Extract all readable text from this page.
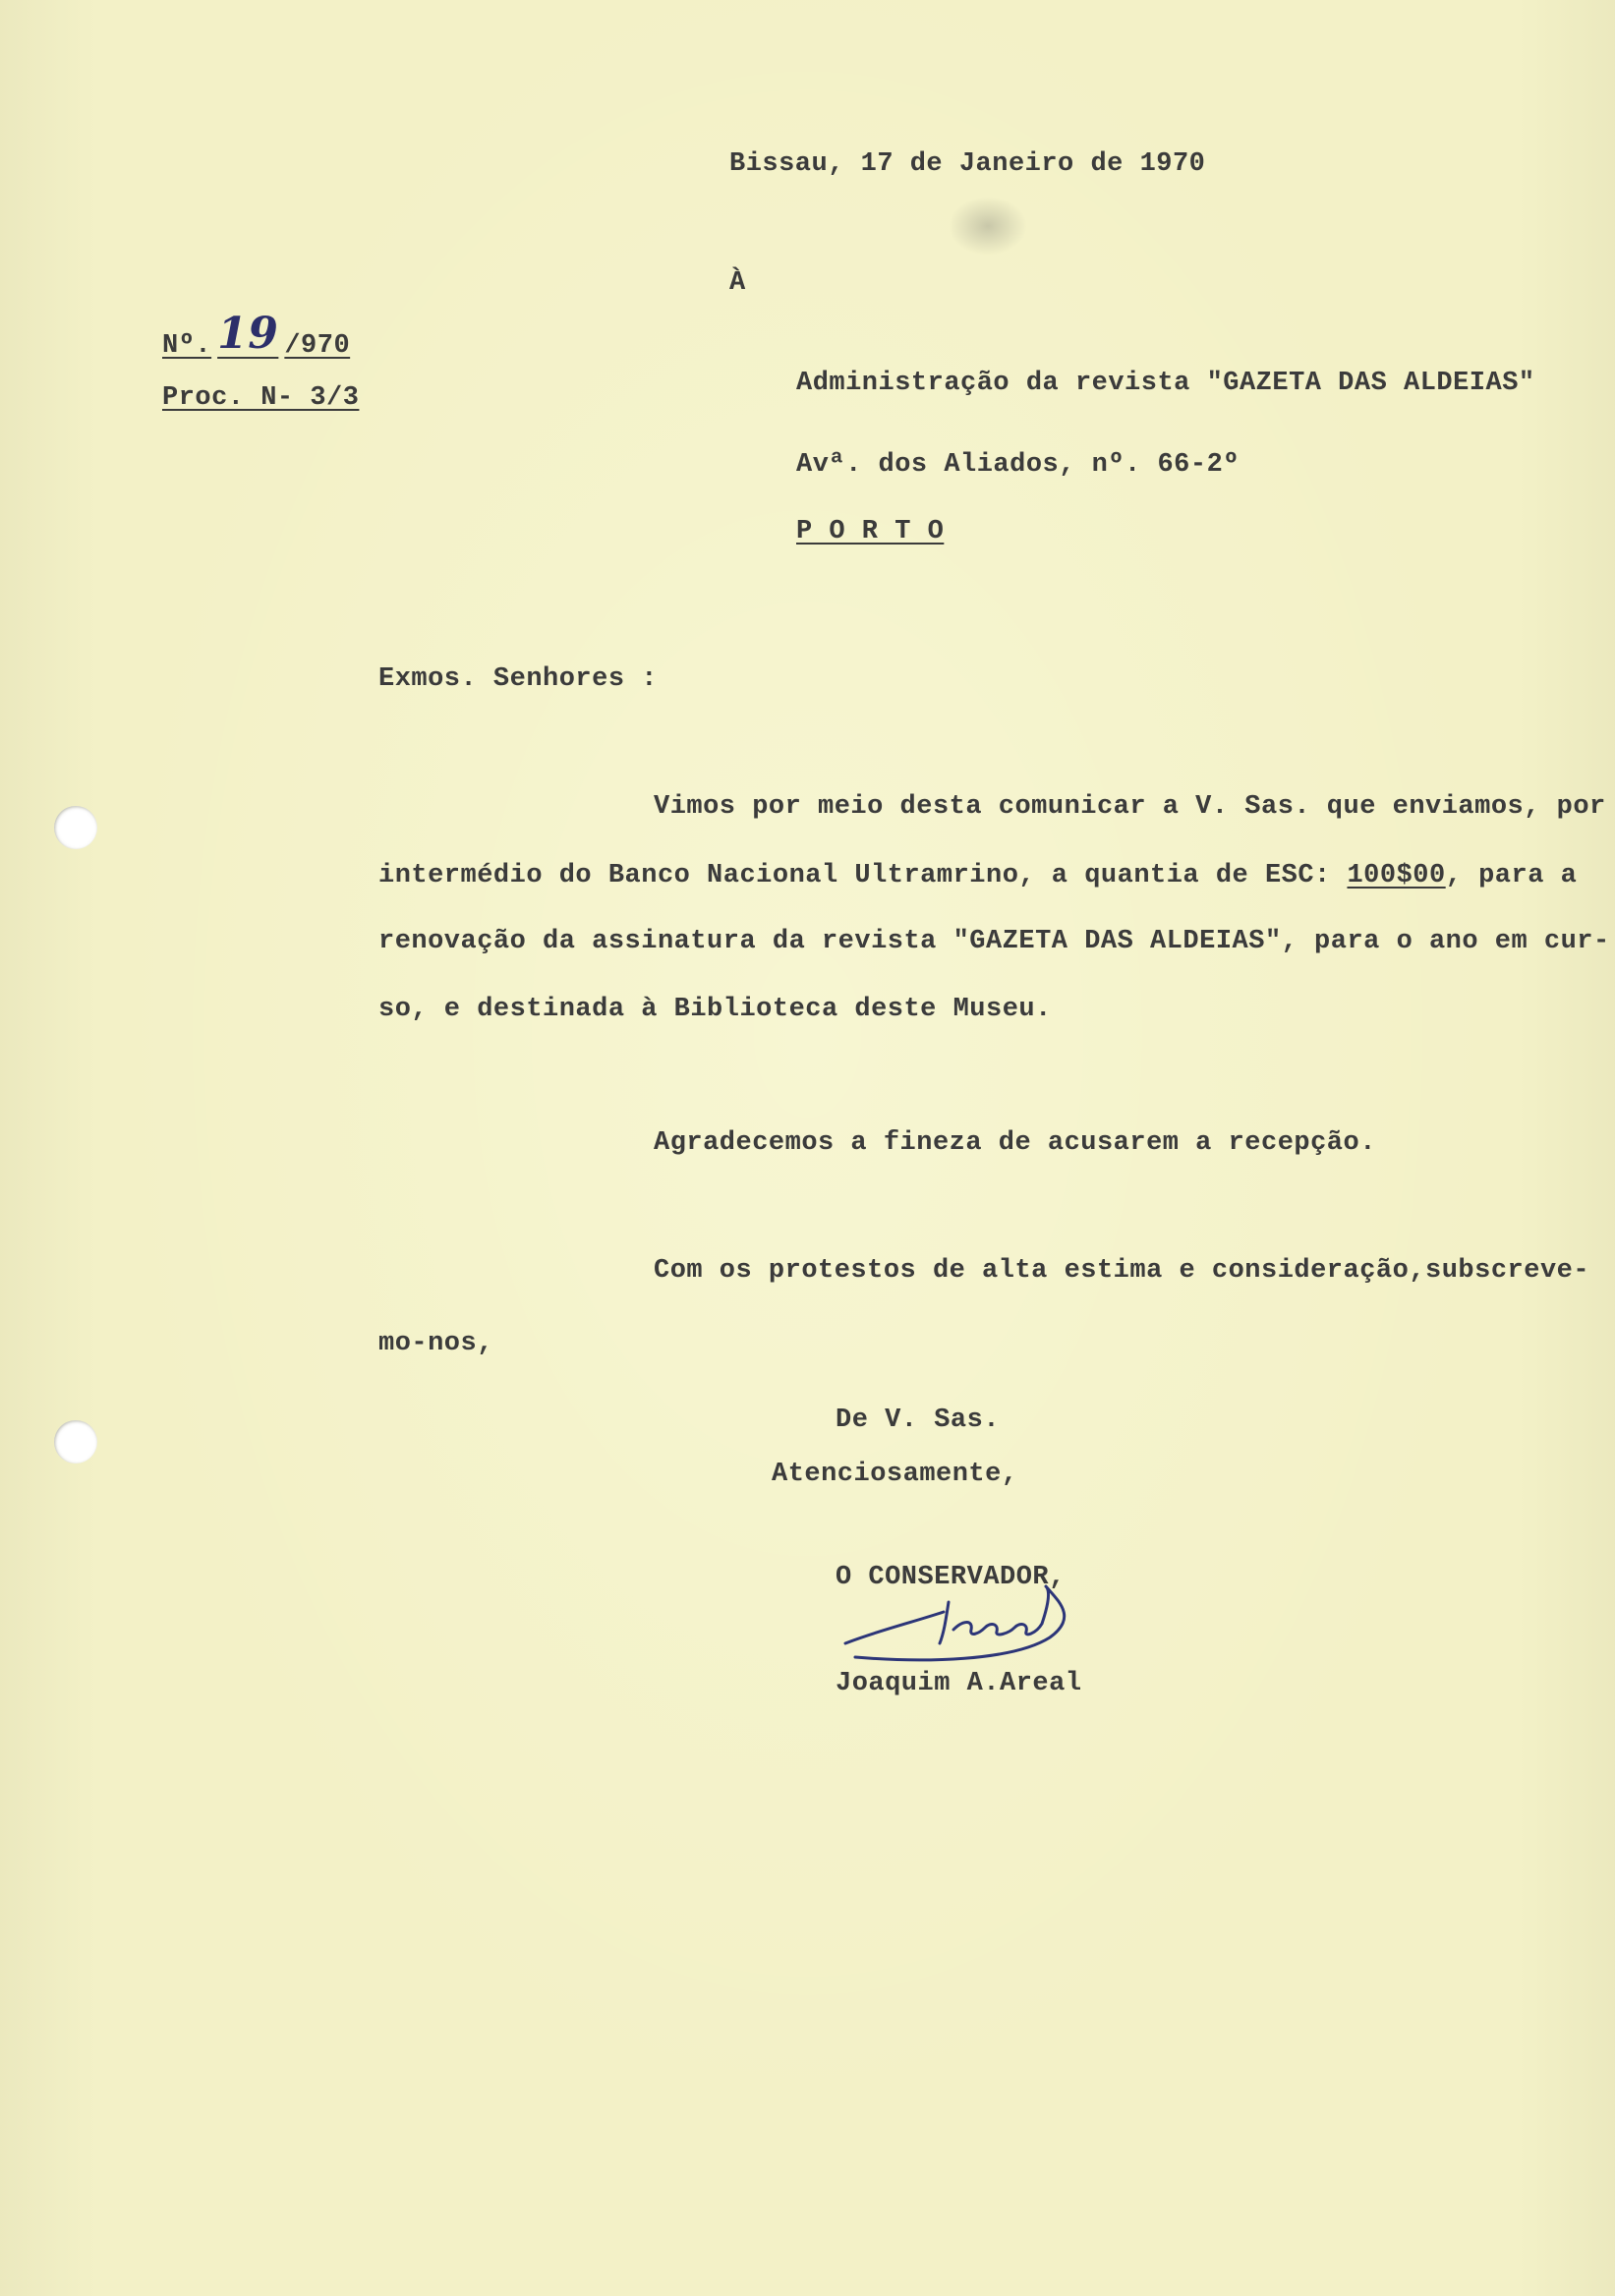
Bissau, 17 de Janeiro de 1970
À
Nº. 19 /970
Proc. N- 3/3	Administração da revista "GAZETA DAS ALDEIAS"
Avª. dos Aliados, nº. 66-2º
P O R T O
Exmos. Senhores :
Vimos por meio desta comunicar a V. Sas. que enviamos, por
intermédio do Banco Nacional Ultramrino, a quantia de ESC: 100$00, para a
renovação da assinatura da revista "GAZETA DAS ALDEIAS", para o ano em cur-
so, e destinada à Biblioteca deste Museu.
Agradecemos a fineza de acusarem a recepção.
Com os protestos de alta estima e consideração,subscreve-
mo-nos,
De V. Sas.
Atenciosamente,
O CONSERVADOR,
Joaquim A.Areal
